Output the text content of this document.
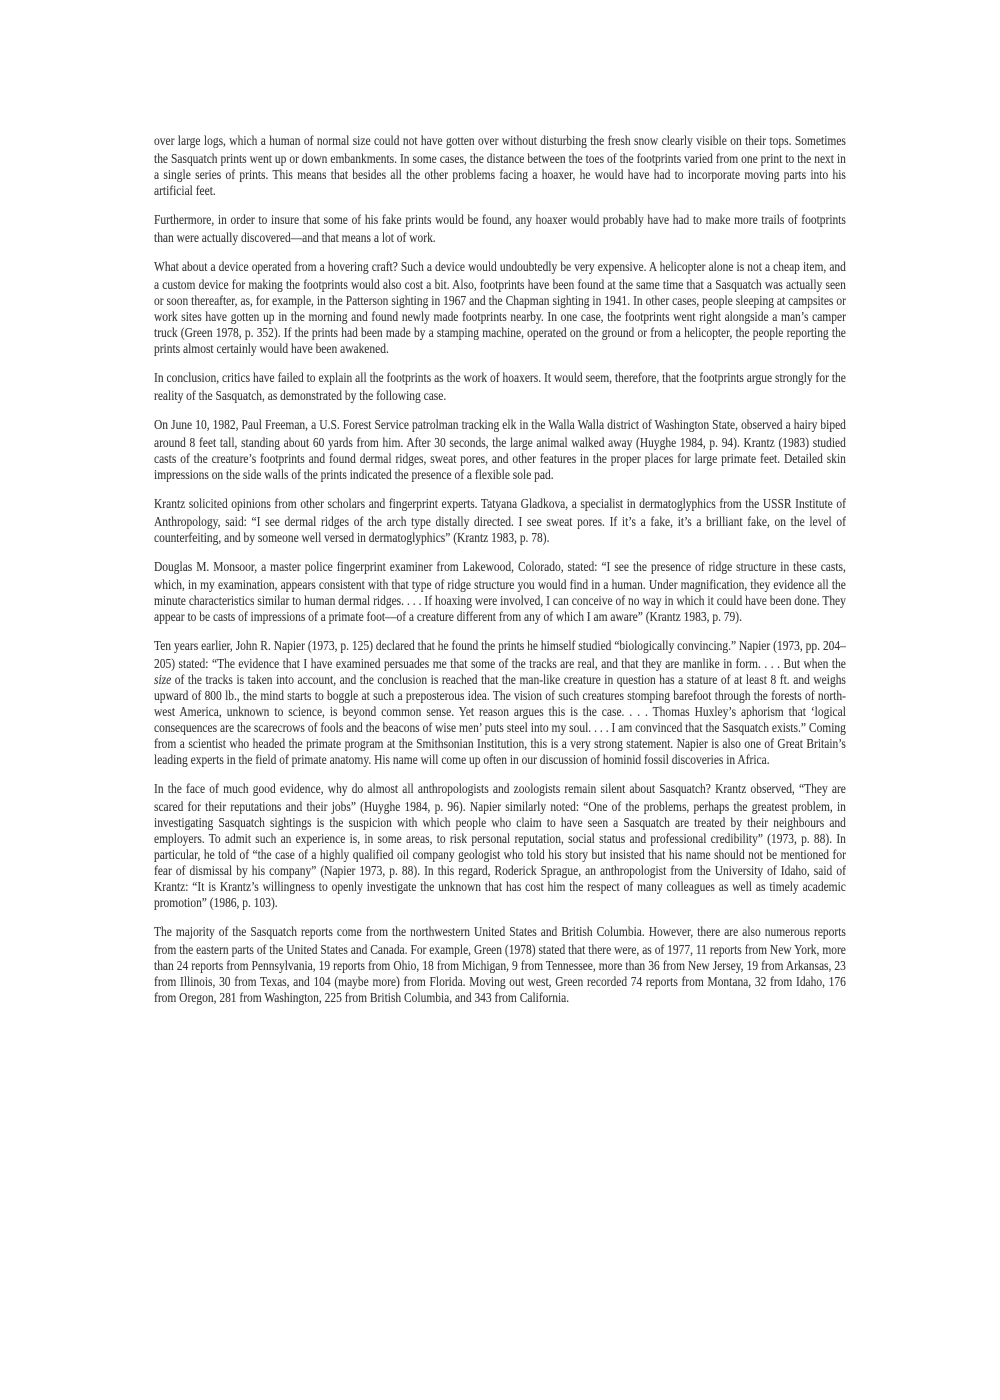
over large logs, which a human of normal size could not have gotten over without disturbing the fresh snow clearly visible on their tops. Sometimes the Sasquatch prints went up or down embankments. In some cases, the distance between the toes of the footprints varied from one print to the next in a single series of prints. This means that besides all the other problems facing a hoaxer, he would have had to incorporate moving parts into his artificial feet.

Furthermore, in order to insure that some of his fake prints would be found, any hoaxer would probably have had to make more trails of footprints than were actually discovered—and that means a lot of work.

What about a device operated from a hovering craft? Such a device would undoubtedly be very expensive. A helicopter alone is not a cheap item, and a custom device for making the footprints would also cost a bit. Also, footprints have been found at the same time that a Sasquatch was actually seen or soon thereafter, as, for example, in the Patterson sighting in 1967 and the Chapman sighting in 1941. In other cases, people sleeping at campsites or work sites have gotten up in the morning and found newly made footprints nearby. In one case, the footprints went right alongside a man’s camper truck (Green 1978, p. 352). If the prints had been made by a stamping machine, operated on the ground or from a helicopter, the people reporting the prints almost certainly would have been awakened.

In conclusion, critics have failed to explain all the footprints as the work of hoaxers. It would seem, therefore, that the footprints argue strongly for the reality of the Sasquatch, as demonstrated by the following case.

On June 10, 1982, Paul Freeman, a U.S. Forest Service patrolman tracking elk in the Walla Walla district of Washington State, observed a hairy biped around 8 feet tall, standing about 60 yards from him. After 30 seconds, the large animal walked away (Huyghe 1984, p. 94). Krantz (1983) studied casts of the creature’s footprints and found dermal ridges, sweat pores, and other features in the proper places for large primate feet. Detailed skin impressions on the side walls of the prints indicated the presence of a flexible sole pad.

Krantz solicited opinions from other scholars and fingerprint experts. Tatyana Gladkova, a specialist in dermatoglyphics from the USSR Institute of Anthropology, said: “I see dermal ridges of the arch type distally directed. I see sweat pores. If it’s a fake, it’s a brilliant fake, on the level of counterfeiting, and by someone well versed in dermatoglyphics” (Krantz 1983, p. 78).

Douglas M. Monsoor, a master police fingerprint examiner from Lakewood, Colorado, stated: “I see the presence of ridge structure in these casts, which, in my examination, appears consistent with that type of ridge structure you would find in a human. Under magnification, they evidence all the minute characteristics similar to human dermal ridges. . . . If hoaxing were involved, I can conceive of no way in which it could have been done. They appear to be casts of impressions of a primate foot—of a creature different from any of which I am aware” (Krantz 1983, p. 79).

Ten years earlier, John R. Napier (1973, p. 125) declared that he found the prints he himself studied “biologically convincing.” Napier (1973, pp. 204–205) stated: “The evidence that I have examined persuades me that some of the tracks are real, and that they are manlike in form. . . . But when the size of the tracks is taken into account, and the conclusion is reached that the man-like creature in question has a stature of at least 8 ft. and weighs upward of 800 lb., the mind starts to boggle at such a preposterous idea. The vision of such creatures stomping barefoot through the forests of north-west America, unknown to science, is beyond common sense. Yet reason argues this is the case. . . . Thomas Huxley’s aphorism that ‘logical consequences are the scarecrows of fools and the beacons of wise men’ puts steel into my soul. . . . I am convinced that the Sasquatch exists.” Coming from a scientist who headed the primate program at the Smithsonian Institution, this is a very strong statement. Napier is also one of Great Britain’s leading experts in the field of primate anatomy. His name will come up often in our discussion of hominid fossil discoveries in Africa.

In the face of much good evidence, why do almost all anthropologists and zoologists remain silent about Sasquatch? Krantz observed, “They are scared for their reputations and their jobs” (Huyghe 1984, p. 96). Napier similarly noted: “One of the problems, perhaps the greatest problem, in investigating Sasquatch sightings is the suspicion with which people who claim to have seen a Sasquatch are treated by their neighbours and employers. To admit such an experience is, in some areas, to risk personal reputation, social status and professional credibility” (1973, p. 88). In particular, he told of “the case of a highly qualified oil company geologist who told his story but insisted that his name should not be mentioned for fear of dismissal by his company” (Napier 1973, p. 88). In this regard, Roderick Sprague, an anthropologist from the University of Idaho, said of Krantz: “It is Krantz’s willingness to openly investigate the unknown that has cost him the respect of many colleagues as well as timely academic promotion” (1986, p. 103).

The majority of the Sasquatch reports come from the northwestern United States and British Columbia. However, there are also numerous reports from the eastern parts of the United States and Canada. For example, Green (1978) stated that there were, as of 1977, 11 reports from New York, more than 24 reports from Pennsylvania, 19 reports from Ohio, 18 from Michigan, 9 from Tennessee, more than 36 from New Jersey, 19 from Arkansas, 23 from Illinois, 30 from Texas, and 104 (maybe more) from Florida. Moving out west, Green recorded 74 reports from Montana, 32 from Idaho, 176 from Oregon, 281 from Washington, 225 from British Columbia, and 343 from California.
